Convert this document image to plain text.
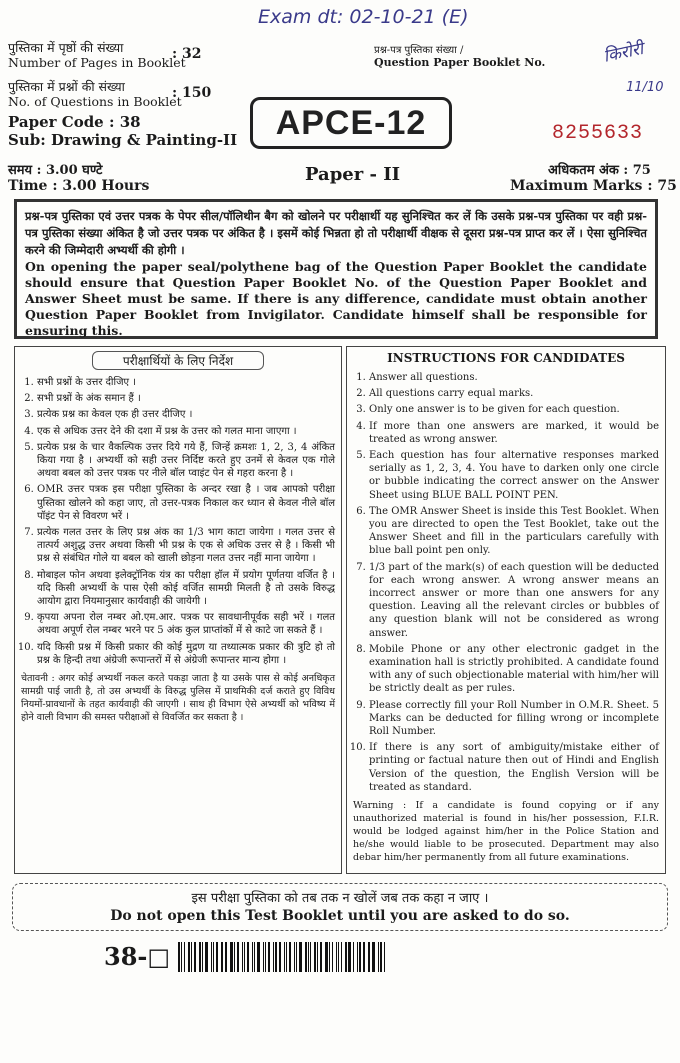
Exam dt: 02-10-21 (E)
किरोरी
11/10
पुस्तिका में पृष्ठों की संख्या
Number of Pages in Booklet
: 32
पुस्तिका में प्रश्नों की संख्या
No. of Questions in Booklet
: 150
Paper Code : 38
Sub: Drawing & Painting-II
प्रश्न-पत्र पुस्तिका संख्या /
Question Paper Booklet No.
APCE-12	8255633
समय : 3.00 घण्टे
Time : 3.00 Hours
Paper - II	अधिकतम अंक : 75
Maximum Marks : 75
प्रश्न-पत्र पुस्तिका एवं उत्तर पत्रक के पेपर सील/पॉलिथीन बैग को खोलने पर परीक्षार्थी यह सुनिश्चित कर लें कि उसके प्रश्न-पत्र पुस्तिका पर वही प्रश्न-पत्र पुस्तिका संख्या अंकित है जो उत्तर पत्रक पर अंकित है । इसमें कोई भिन्नता हो तो परीक्षार्थी वीक्षक से दूसरा प्रश्न-पत्र प्राप्त कर लें । ऐसा सुनिश्चित करने की जिम्मेदारी अभ्यर्थी की होगी ।
On opening the paper seal/polythene bag of the Question Paper Booklet the candidate should ensure that Question Paper Booklet No. of the Question Paper Booklet and Answer Sheet must be same. If there is any difference, candidate must obtain another Question Paper Booklet from Invigilator. Candidate himself shall be responsible for ensuring this.
परीक्षार्थियों के लिए निर्देश
1. सभी प्रश्नों के उत्तर दीजिए ।
2. सभी प्रश्नों के अंक समान हैं ।
3. प्रत्येक प्रश्न का केवल एक ही उत्तर दीजिए ।
4. एक से अधिक उत्तर देने की दशा में प्रश्न के उत्तर को गलत माना जाएगा ।
5. प्रत्येक प्रश्न के चार वैकल्पिक उत्तर दिये गये हैं, जिन्हें क्रमशः 1, 2, 3, 4 अंकित किया गया है । अभ्यर्थी को सही उत्तर निर्दिष्ट करते हुए उनमें से केवल एक गोले अथवा बबल को उत्तर पत्रक पर नीले बॉल प्वाइंट पेन से गहरा करना है ।
6. OMR उत्तर पत्रक इस परीक्षा पुस्तिका के अन्दर रखा है । जब आपको परीक्षा पुस्तिका खोलने को कहा जाए, तो उत्तर-पत्रक निकाल कर ध्यान से केवल नीले बॉल पॉइंट पेन से विवरण भरें ।
7. प्रत्येक गलत उत्तर के लिए प्रश्न अंक का 1/3 भाग काटा जायेगा । गलत उत्तर से तात्पर्य अशुद्ध उत्तर अथवा किसी भी प्रश्न के एक से अधिक उत्तर से है । किसी भी प्रश्न से संबंधित गोले या बबल को खाली छोड़ना गलत उत्तर नहीं माना जायेगा ।
8. मोबाइल फोन अथवा इलेक्ट्रॉनिक यंत्र का परीक्षा हॉल में प्रयोग पूर्णतया वर्जित है । यदि किसी अभ्यर्थी के पास ऐसी कोई वर्जित सामग्री मिलती है तो उसके विरुद्ध आयोग द्वारा नियमानुसार कार्यवाही की जायेगी ।
9. कृपया अपना रोल नम्बर ओ.एम.आर. पत्रक पर सावधानीपूर्वक सही भरें । गलत अथवा अपूर्ण रोल नम्बर भरने पर 5 अंक कुल प्राप्तांकों में से काटे जा सकते हैं ।
10. यदि किसी प्रश्न में किसी प्रकार की कोई मुद्रण या तथ्यात्मक प्रकार की त्रुटि हो तो प्रश्न के हिन्दी तथा अंग्रेजी रूपान्तरों में से अंग्रेजी रूपान्तर मान्य होगा ।
चेतावनी : अगर कोई अभ्यर्थी नकल करते पकड़ा जाता है या उसके पास से कोई अनधिकृत सामग्री पाई जाती है, तो उस अभ्यर्थी के विरुद्ध पुलिस में प्राथमिकी दर्ज कराते हुए विविध नियमों-प्रावधानों के तहत कार्यवाही की जाएगी । साथ ही विभाग ऐसे अभ्यर्थी को भविष्य में होने वाली विभाग की समस्त परीक्षाओं से विवर्जित कर सकता है ।
INSTRUCTIONS FOR CANDIDATES
1. Answer all questions.
2. All questions carry equal marks.
3. Only one answer is to be given for each question.
4. If more than one answers are marked, it would be treated as wrong answer.
5. Each question has four alternative responses marked serially as 1, 2, 3, 4. You have to darken only one circle or bubble indicating the correct answer on the Answer Sheet using BLUE BALL POINT PEN.
6. The OMR Answer Sheet is inside this Test Booklet. When you are directed to open the Test Booklet, take out the Answer Sheet and fill in the particulars carefully with blue ball point pen only.
7. 1/3 part of the mark(s) of each question will be deducted for each wrong answer. A wrong answer means an incorrect answer or more than one answers for any question. Leaving all the relevant circles or bubbles of any question blank will not be considered as wrong answer.
8. Mobile Phone or any other electronic gadget in the examination hall is strictly prohibited. A candidate found with any of such objectionable material with him/her will be strictly dealt as per rules.
9. Please correctly fill your Roll Number in O.M.R. Sheet. 5 Marks can be deducted for filling wrong or incomplete Roll Number.
10. If there is any sort of ambiguity/mistake either of printing or factual nature then out of Hindi and English Version of the question, the English Version will be treated as standard.
Warning : If a candidate is found copying or if any unauthorized material is found in his/her possession, F.I.R. would be lodged against him/her in the Police Station and he/she would liable to be prosecuted. Department may also debar him/her permanently from all future examinations.
इस परीक्षा पुस्तिका को तब तक न खोलें जब तक कहा न जाए ।
Do not open this Test Booklet until you are asked to do so.
38-□
